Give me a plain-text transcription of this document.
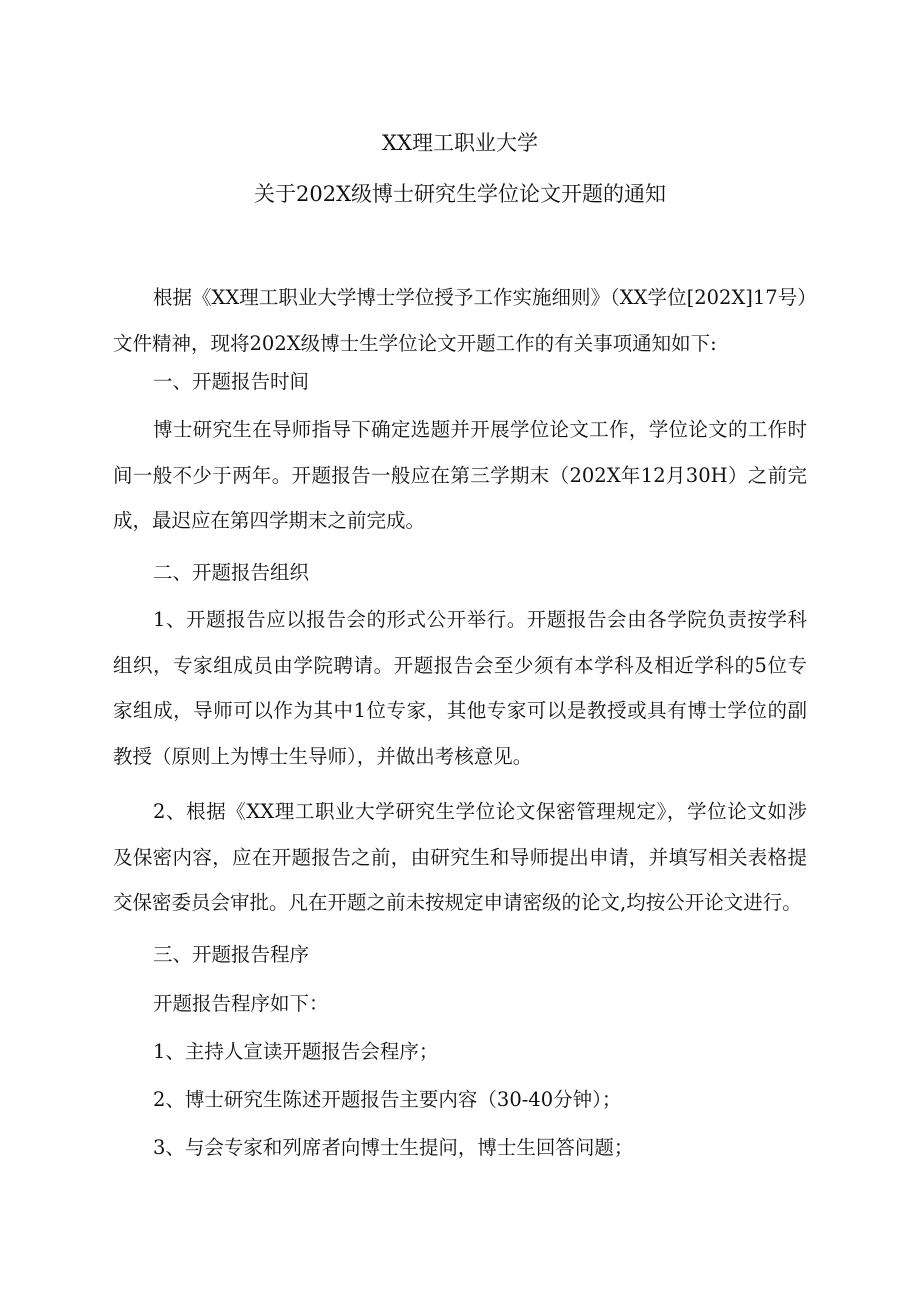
XX理工职业大学
关于202X级博士研究生学位论文开题的通知
根据《XX理工职业大学博士学位授予工作实施细则》（XX学位[202X]17号）文件精神，现将202X级博士生学位论文开题工作的有关事项通知如下:
一、开题报告时间
博士研究生在导师指导下确定选题并开展学位论文工作，学位论文的工作时间一般不少于两年。开题报告一般应在第三学期末（202X年12月30H）之前完成，最迟应在第四学期末之前完成。
二、开题报告组织
1、开题报告应以报告会的形式公开举行。开题报告会由各学院负责按学科组织，专家组成员由学院聘请。开题报告会至少须有本学科及相近学科的5位专家组成，导师可以作为其中1位专家，其他专家可以是教授或具有博士学位的副教授（原则上为博士生导师），并做出考核意见。
2、根据《XX理工职业大学研究生学位论文保密管理规定》，学位论文如涉及保密内容，应在开题报告之前，由研究生和导师提出申请，并填写相关表格提交保密委员会审批。凡在开题之前未按规定申请密级的论文,均按公开论文进行。
三、开题报告程序
开题报告程序如下：
1、主持人宣读开题报告会程序；
2、博士研究生陈述开题报告主要内容（30-40分钟）；
3、与会专家和列席者向博士生提问，博士生回答问题；
